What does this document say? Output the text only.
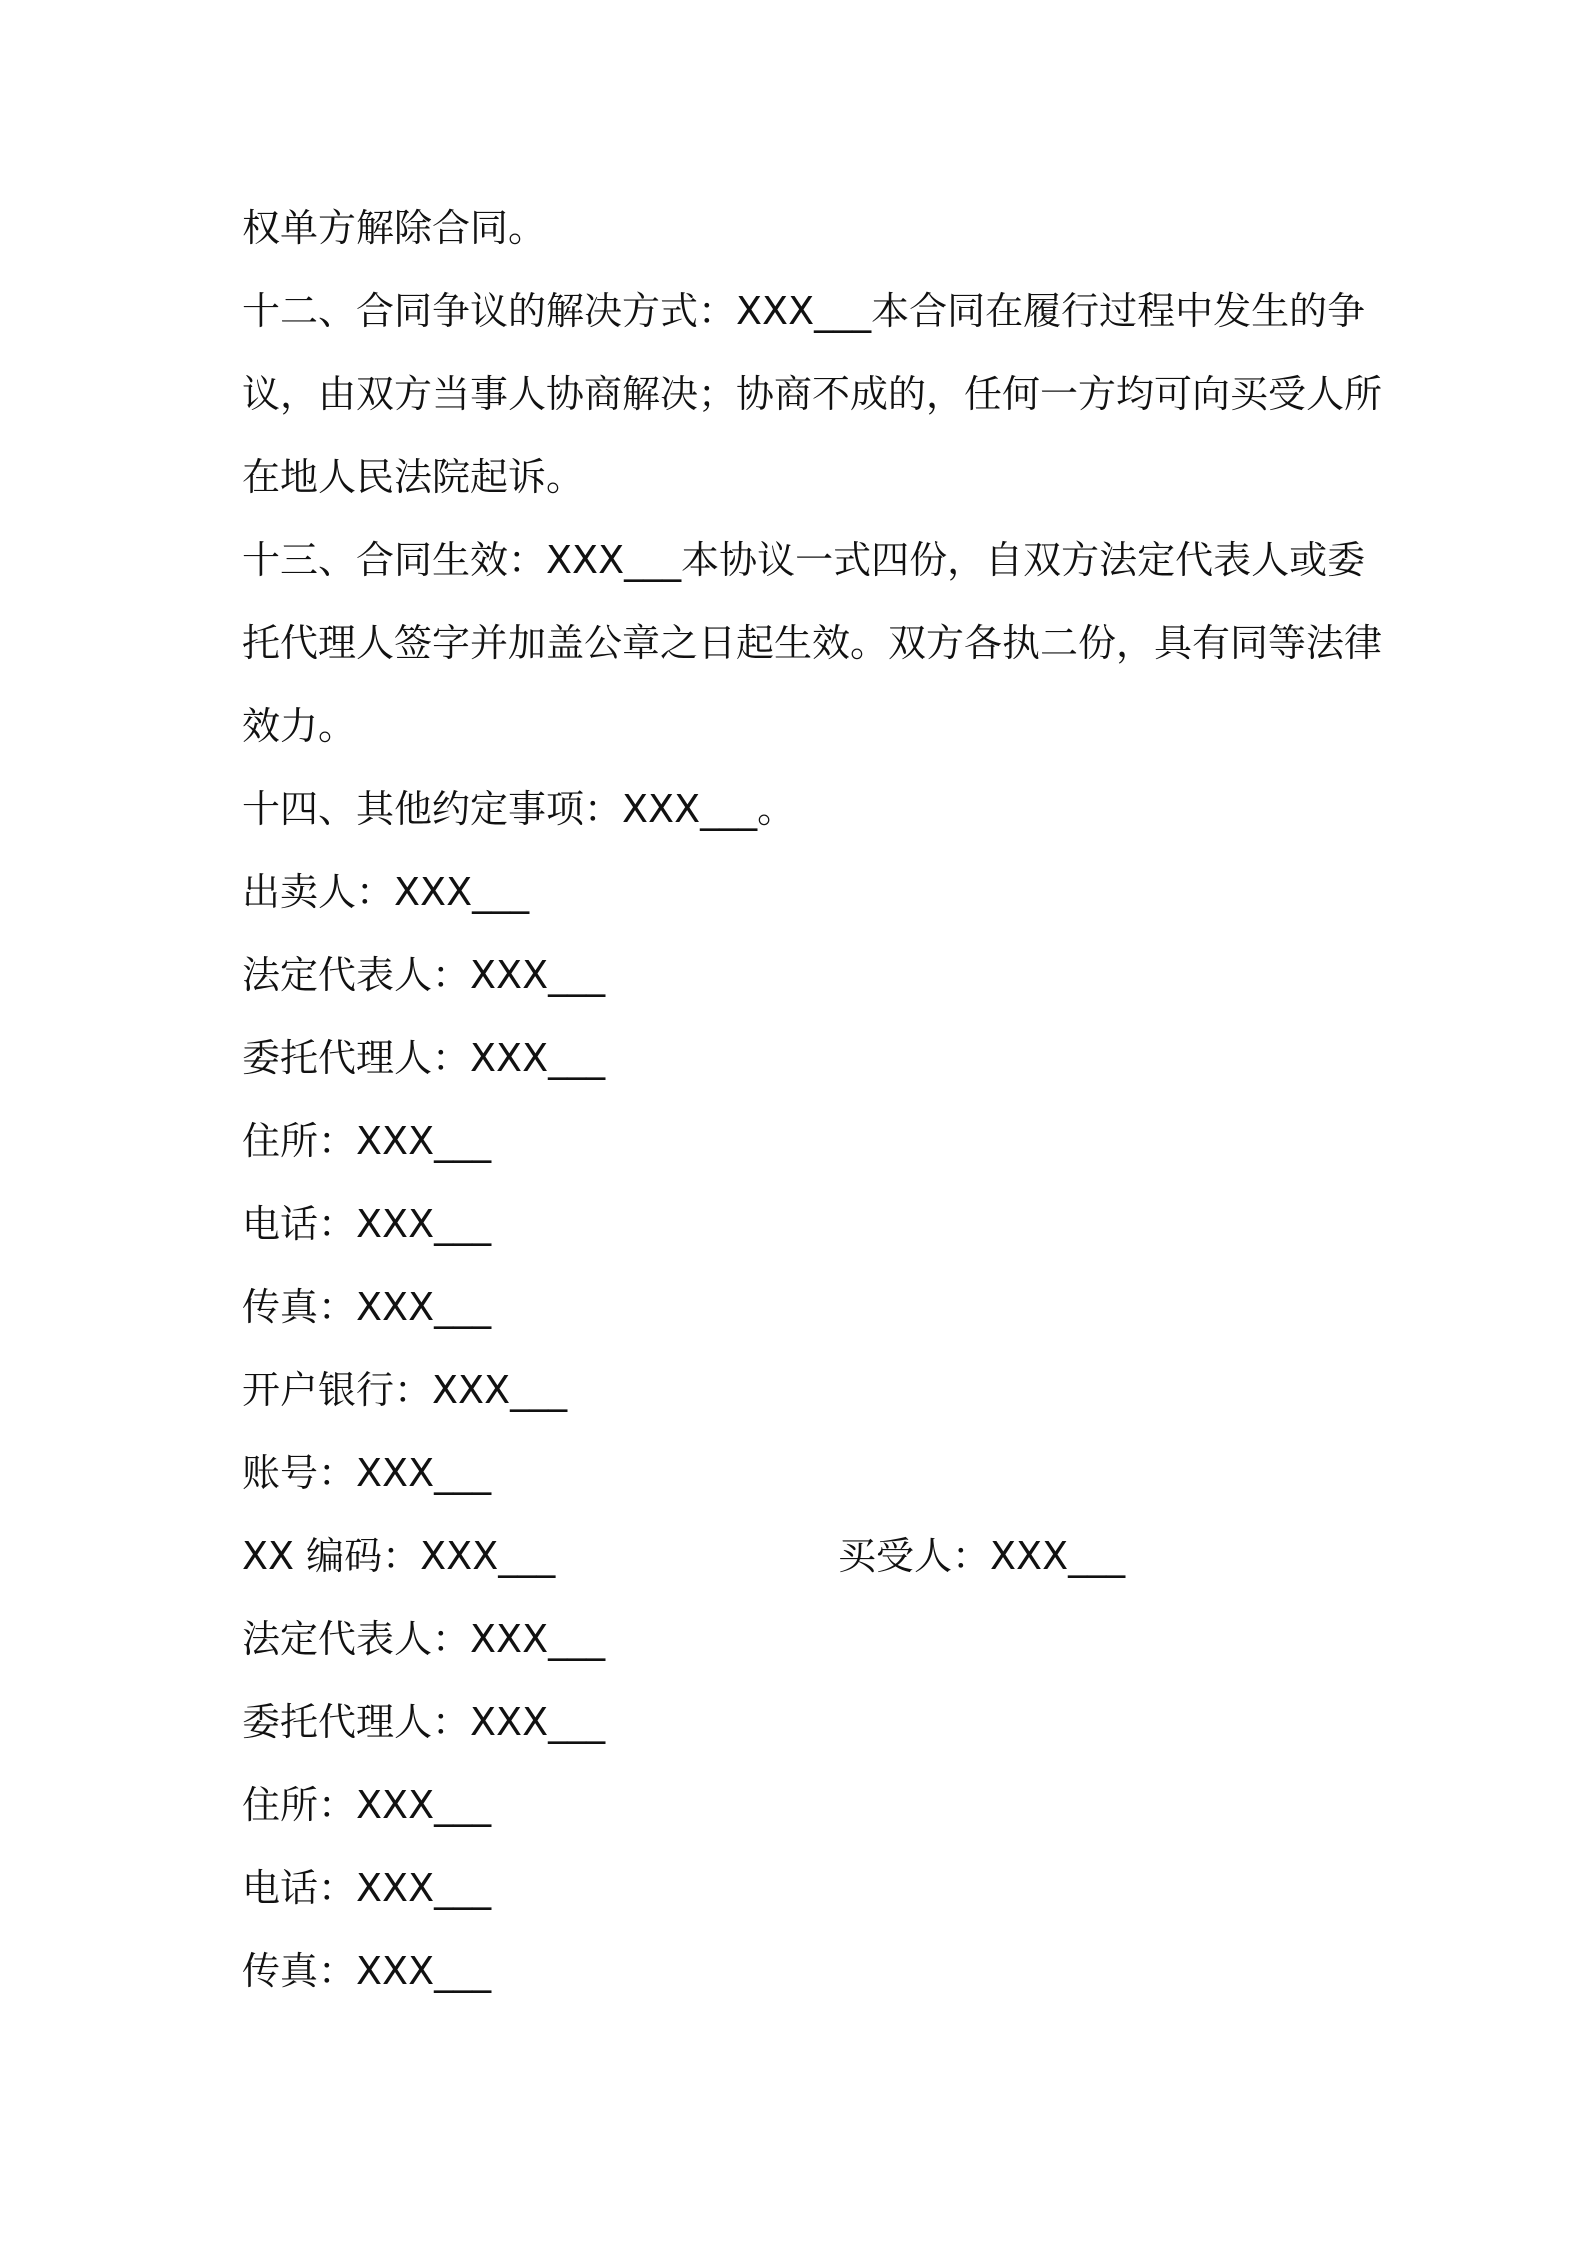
权单方解除合同。
十二、合同争议的解决方式：XXX___本合同在履行过程中发生的争
议，由双方当事人协商解决；协商不成的，任何一方均可向买受人所
在地人民法院起诉。
十三、合同生效：XXX___本协议一式四份，自双方法定代表人或委
托代理人签字并加盖公章之日起生效。双方各执二份，具有同等法律
效力。
十四、其他约定事项：XXX___。
出卖人：XXX___
法定代表人：XXX___
委托代理人：XXX___
住所：XXX___
电话：XXX___
传真：XXX___
开户银行：XXX___
账号：XXX___
XX 编码：XXX___	买受人：XXX___
法定代表人：XXX___
委托代理人：XXX___
住所：XXX___
电话：XXX___
传真：XXX___
